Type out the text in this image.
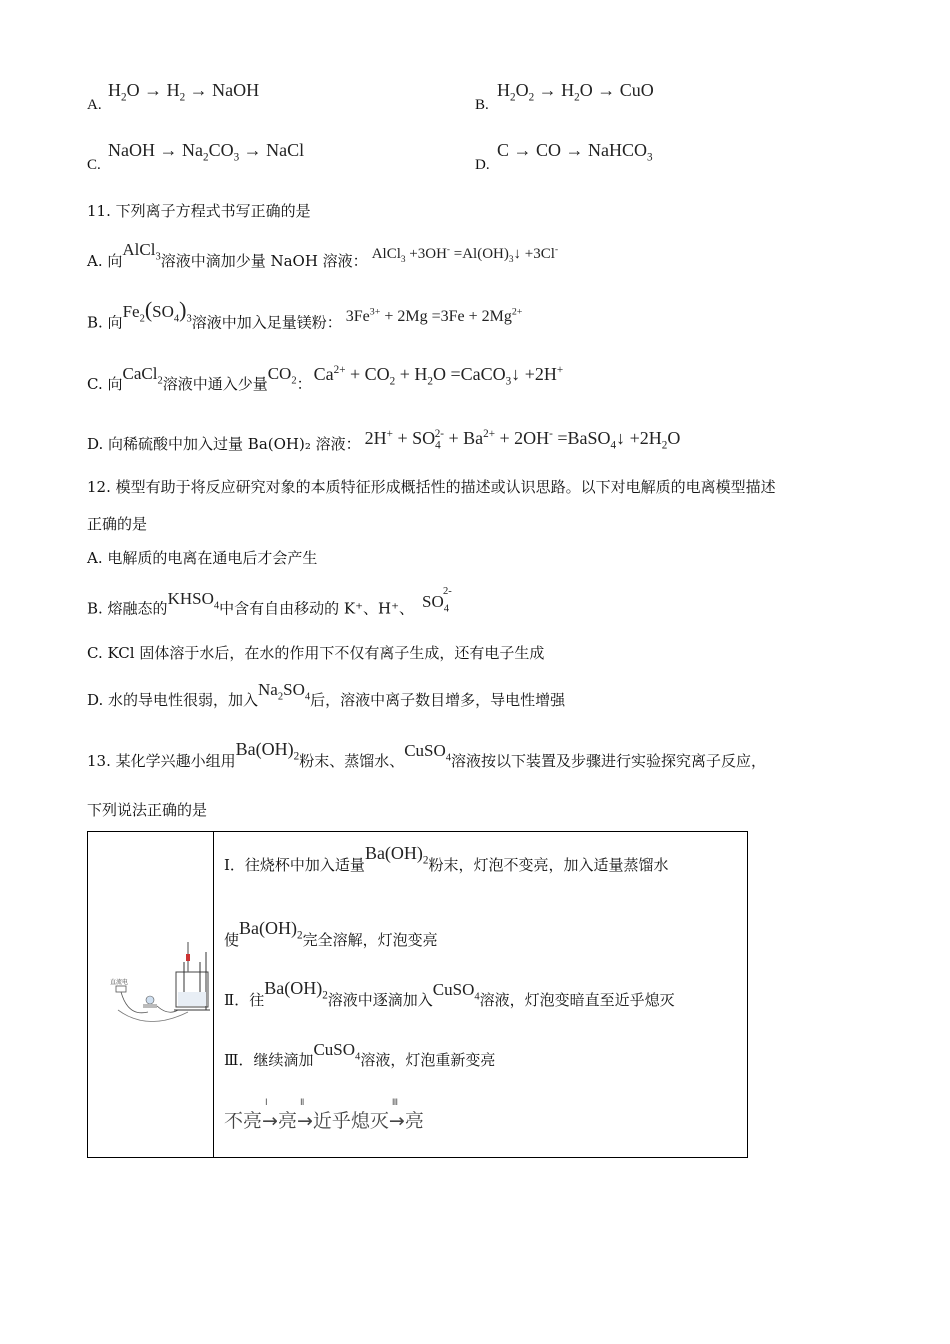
A.
$H_2O \to H_2$ → NaOH
B.
$H_2O_2 \to H_2O$ → CuO
C.
NaOH → $Na_2CO_3$ → NaCl
D.
C → CO → NaHCO$_3$
11. 下列离子方程式书写正确的是
A. 向AlCl$_3$溶液中滴加少量 NaOH 溶液： AlCl$_3$ $+3OH^- =Al(OH)_3↓ +3Cl^-$
B. 向$Fe_2(SO_4)_3$溶液中加入足量镁粉： $3Fe^{3+} + 2Mg =3Fe + 2Mg^{2+}$
C. 向CaCl$_2$溶液中通入少量$CO_2$： $Ca^{2+} + CO_2 + H_2O$ =CaCO$_3$↓ +2H+
D. 向稀硫酸中加入过量 Ba(OH)₂ 溶液： $2H^+ + SO_4^{2-} + Ba^{2+} + 2OH^-$ =BaSO$_4$↓ $+2H_2O$
12. 模型有助于将反应研究对象的本质特征形成概括性的描述或认识思路。以下对电解质的电离模型描述
正确的是
A. 电解质的电离在通电后才会产生
B. 熔融态的$KHSO_4$中含有自由移动的 K⁺、H⁺、 $SO_4^{2-}$
C. KCl 固体溶于水后，在水的作用下不仅有离子生成，还有电子生成
D. 水的导电性很弱，加入$Na_2SO_4$后，溶液中离子数目增多，导电性增强
13. 某化学兴趣小组用$Ba(OH)_2$粉末、蒸馏水、CuSO$_4$溶液按以下装置及步骤进行实验探究离子反应，
下列说法正确的是
直流电

Ⅰ．往烧杯中加入适量$Ba(OH)_2$粉末，灯泡不变亮，加入适量蒸馏水
使$Ba(OH)_2$完全溶解，灯泡变亮
Ⅱ．往$Ba(OH)_2$溶液中逐滴加入CuSO$_4$溶液，灯泡变暗直至近乎熄灭
Ⅲ．继续滴加CuSO$_4$溶液，灯泡重新变亮
不亮→
Ⅰ
亮→
Ⅱ
近乎熄灭→
Ⅲ
亮
